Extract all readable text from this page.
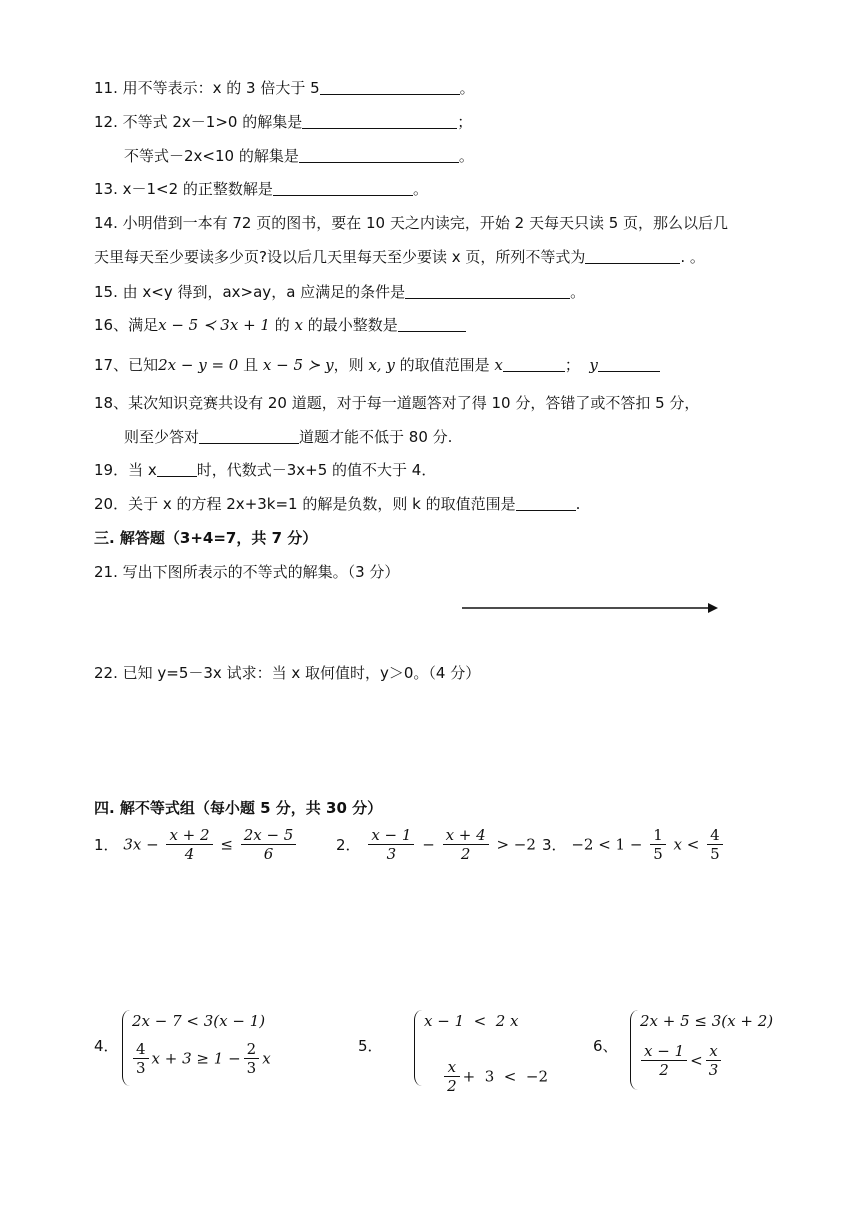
11. 用不等表示：x 的 3 倍大于 5	。
12. 不等式 2x－1>0 的解集是	；
不等式－2x<10 的解集是	。
13. x－1<2 的正整数解是	。
14. 小明借到一本有 72 页的图书，要在 10 天之内读完，开始 2 天每天只读 5 页，那么以后几
天里每天至少要读多少页?设以后几天里每天至少要读 x 页，所列不等式为	. 。
15. 由 x<y 得到，ax>ay，a 应满足的条件是	。
16、满足x − 5 ≺ 3x + 1 的 x 的最小整数是
17、已知2x − y = 0 且 x − 5 ≻ y，则 x, y 的取值范围是 x	； y
18、某次知识竞赛共设有 20 道题，对于每一道题答对了得 10 分，答错了或不答扣 5 分，
则至少答对	道题才能不低于 80 分.
19．当 x	时，代数式－3x+5 的值不大于 4．
20．关于 x 的方程 2x+3k=1 的解是负数，则 k 的取值范围是	.
三. 解答题（3+4=7，共 7 分）
21. 写出下图所表示的不等式的解集。（3 分）
22. 已知 y=5－3x 试求：当 x 取何值时，y＞0。（4 分）
四. 解不等式组（每小题 5 分，共 30 分）
1． $3x - \frac{x + 2}{4} \le \frac{2x - 5}{6}$	2． $\frac{x - 1}{3} - \frac{x + 4}{2} > -2$ 3． $-2 < 1 - \frac{1}{5}$ $x < \frac{4}{5}$
4．
2x − 7 < 3(x − 1)
$\frac{4}{3}$ $x + 3 \ge 1 - \frac{2}{3}$ x
5．
x − 1  <  2 x

$\frac{x}{2} + 3 < -2$

6、
2x + 5 ≤ 3(x + 2)
$\frac{x - 1}{2} < \frac{x}{3}$
